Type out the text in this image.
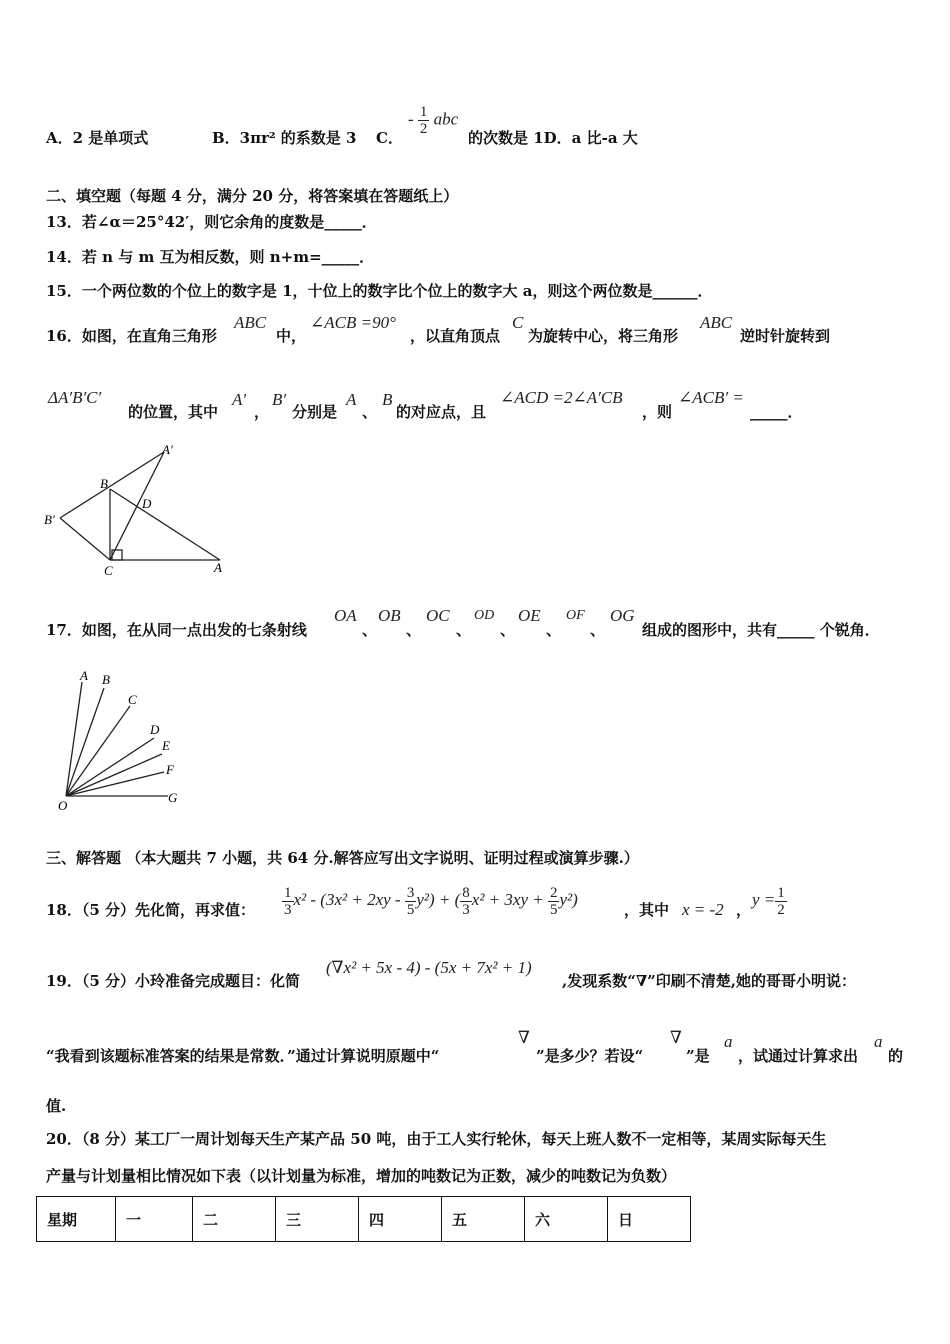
A．2 是单项式	B．3πr² 的系数是 3 C．
- $\frac{1}{2}$ abc
的次数是 1D．a 比-a 大
二、填空题（每题 4 分，满分 20 分，将答案填在答题纸上）
13．若∠α＝25°42′，则它余角的度数是_____．
14．若 n 与 m 互为相反数，则 n+m=_____．
15．一个两位数的个位上的数字是 1，十位上的数字比个位上的数字大 a，则这个两位数是______．
16．如图，在直角三角形
ABC
中，
∠ACB =90°
，以直角顶点
C
为旋转中心，将三角形
ABC
逆时针旋转到
ΔA′B′C′
的位置，其中
A′
，
B′
分别是
A
、
B
的对应点，且
∠ACD =2∠A′CB
，则
∠ACB′ =
_____．
A′
B
D
B′
C	A
17．如图，在从同一点出发的七条射线
OA
、
OB
、
OC
、
OD
、
OE
、
OF
、
OG
组成的图形中，共有_____ 个锐角．
A B
C
D
E
F
G
O
三、解答题 （本大题共 7 小题，共 64 分.解答应写出文字说明、证明过程或演算步骤.）
18．（5 分）先化简，再求值： $\frac{1}{3} x^2 - (3x^2 + 2xy - \frac{3}{5} y^2)$ + ( $\frac{8}{3} x^2 + 3xy + \frac{2}{5} y^2$)
，其中 x = -2 ，
$y = \frac{1}{2}$
19．（5 分）小玲准备完成题目：化简
(∇x² + 5x - 4) - (5x + 7x² + 1)
,发现系数“∇”印刷不清楚,她的哥哥小明说：
“我看到该题标准答案的结果是常数．”通过计算说明原题中“
∇
”是多少？若设“
∇
”是
a
，试通过计算求出
a
的
值.
20．（8 分）某工厂一周计划每天生产某产品 50 吨，由于工人实行轮休，每天上班人数不一定相等，某周实际每天生
产量与计划量相比情况如下表（以计划量为标准，增加的吨数记为正数，减少的吨数记为负数）
星期	一	二	三	四	五	六	日
